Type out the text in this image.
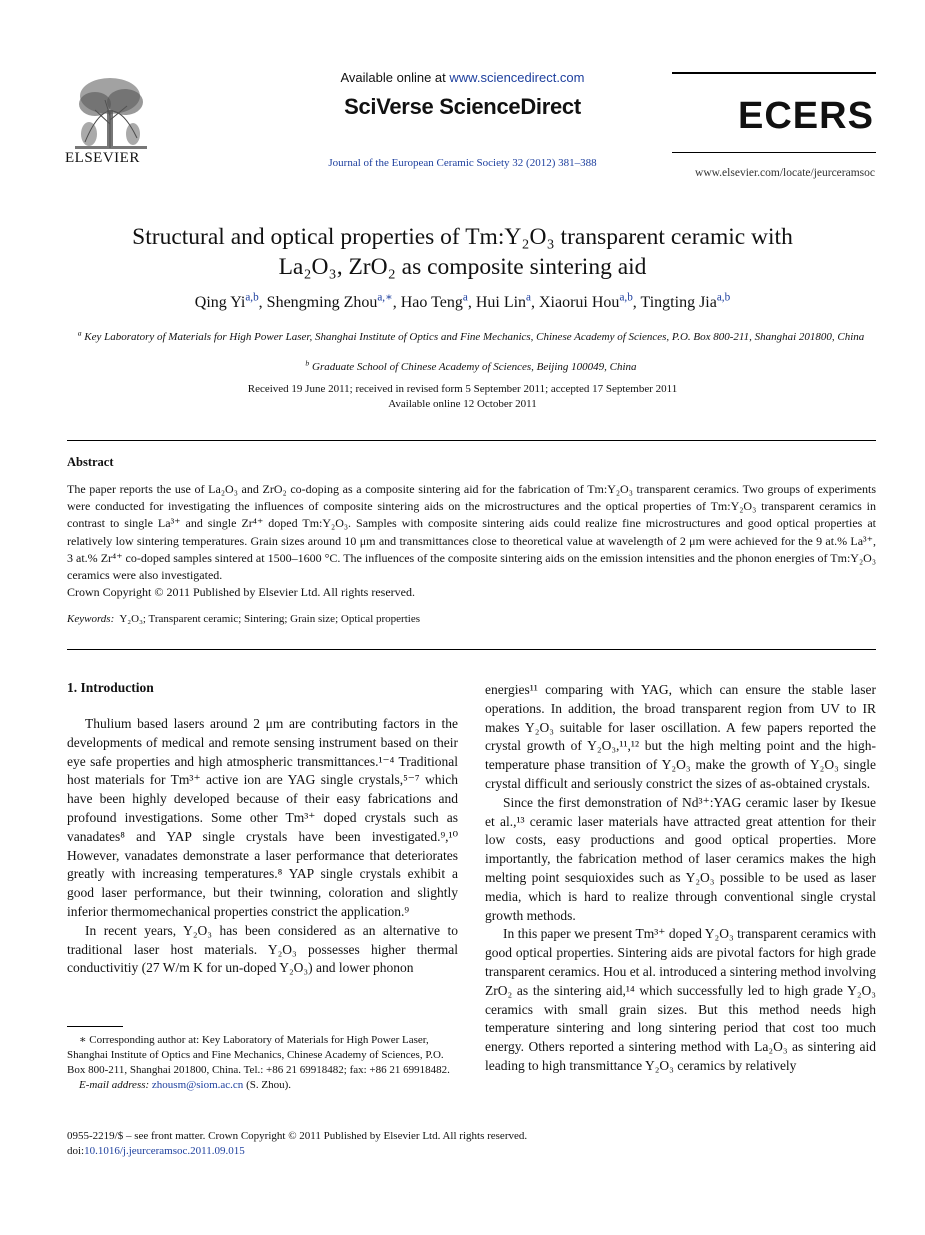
ELSEVIER
Available online at www.sciencedirect.com
SciVerse ScienceDirect
Journal of the European Ceramic Society 32 (2012) 381–388
ECERS
www.elsevier.com/locate/jeurceramsoc
Structural and optical properties of Tm:Y₂O₃ transparent ceramic with
La₂O₃, ZrO₂ as composite sintering aid
Qing Yi$^{a,b}$, Shengming Zhou$^{a,∗}$, Hao Teng$^a$, Hui Lin$^a$, Xiaorui Hou$^{a,b}$, Tingting Jia$^{a,b}$
$^a$ Key Laboratory of Materials for High Power Laser, Shanghai Institute of Optics and Fine Mechanics, Chinese Academy of Sciences, P.O. Box 800-211, Shanghai 201800, China
$^b$ Graduate School of Chinese Academy of Sciences, Beijing 100049, China
Received 19 June 2011; received in revised form 5 September 2011; accepted 17 September 2011
Available online 12 October 2011
Abstract
The paper reports the use of La₂O₃ and ZrO₂ co-doping as a composite sintering aid for the fabrication of Tm:Y₂O₃ transparent ceramics. Two groups of experiments were conducted for investigating the influences of composite sintering aids on the microstructures and the optical properties of Tm:Y₂O₃ transparent ceramics in contrast to single La³⁺ and single Zr⁴⁺ doped Tm:Y₂O₃. Samples with composite sintering aids could realize fine microstructures and good optical properties at relatively low sintering temperatures. Grain sizes around 10 μm and transmittances close to theoretical value at wavelength of 2 μm were achieved for the 9 at.% La³⁺, 3 at.% Zr⁴⁺ co-doped samples sintered at 1500–1600 °C. The influences of the composite sintering aids on the emission intensities and the phonon energies of Tm:Y₂O₃ ceramics were also investigated.
Crown Copyright © 2011 Published by Elsevier Ltd. All rights reserved.
Keywords: Y₂O₃; Transparent ceramic; Sintering; Grain size; Optical properties
1. Introduction

Thulium based lasers around 2 μm are contributing factors in the developments of medical and remote sensing instrument based on their eye safe properties and high atmospheric transmittances.¹⁻⁴ Traditional host materials for Tm³⁺ active ion are YAG single crystals,⁵⁻⁷ which have been highly developed because of their easy fabrications and profound investigations. Some other Tm³⁺ doped crystals such as vanadates⁸ and YAP single crystals have been investigated.⁹,¹⁰ However, vanadates demonstrate a laser performance that deteriorates greatly with increasing temperatures.⁸ YAP single crystals exhibit a good laser performance, but their twinning, coloration and slightly inferior thermomechanical properties constrict the application.⁹

In recent years, Y₂O₃ has been considered as an alternative to traditional laser host materials. Y₂O₃ possesses higher thermal conductivitiy (27 W/m K for un-doped Y₂O₃) and lower phonon

energies¹¹ comparing with YAG, which can ensure the stable laser operations. In addition, the broad transparent region from UV to IR makes Y₂O₃ suitable for laser oscillation. A few papers reported the crystal growth of Y₂O₃,¹¹,¹² but the high melting point and the high-temperature phase transition of Y₂O₃ make the growth of Y₂O₃ single crystal difficult and seriously constrict the sizes of as-obtained crystals.

Since the first demonstration of Nd³⁺:YAG ceramic laser by Ikesue et al.,¹³ ceramic laser materials have attracted great attention for their low costs, easy productions and good optical properties. More importantly, the fabrication method of laser ceramics makes the high melting point sesquioxides such as Y₂O₃ possible to be used as laser media, which is hard to realize through conventional single crystal growth methods.

In this paper we present Tm³⁺ doped Y₂O₃ transparent ceramics with good optical properties. Sintering aids are pivotal factors for high grade transparent ceramics. Hou et al. introduced a sintering method involving ZrO₂ as the sintering aid,¹⁴ which successfully led to high grade Y₂O₃ ceramics with small grain sizes. But this method needs high temperature sintering and long sintering period that cost too much energy. Others reported a sintering method with La₂O₃ as sintering aid leading to high transmittance Y₂O₃ ceramics by relatively

∗ Corresponding author at: Key Laboratory of Materials for High Power Laser, Shanghai Institute of Optics and Fine Mechanics, Chinese Academy of Sciences, P.O. Box 800-211, Shanghai 201800, China. Tel.: +86 21 69918482; fax: +86 21 69918482.
E-mail address: zhousm@siom.ac.cn (S. Zhou).
0955-2219/$ – see front matter. Crown Copyright © 2011 Published by Elsevier Ltd. All rights reserved.
doi:10.1016/j.jeurceramsoc.2011.09.015
